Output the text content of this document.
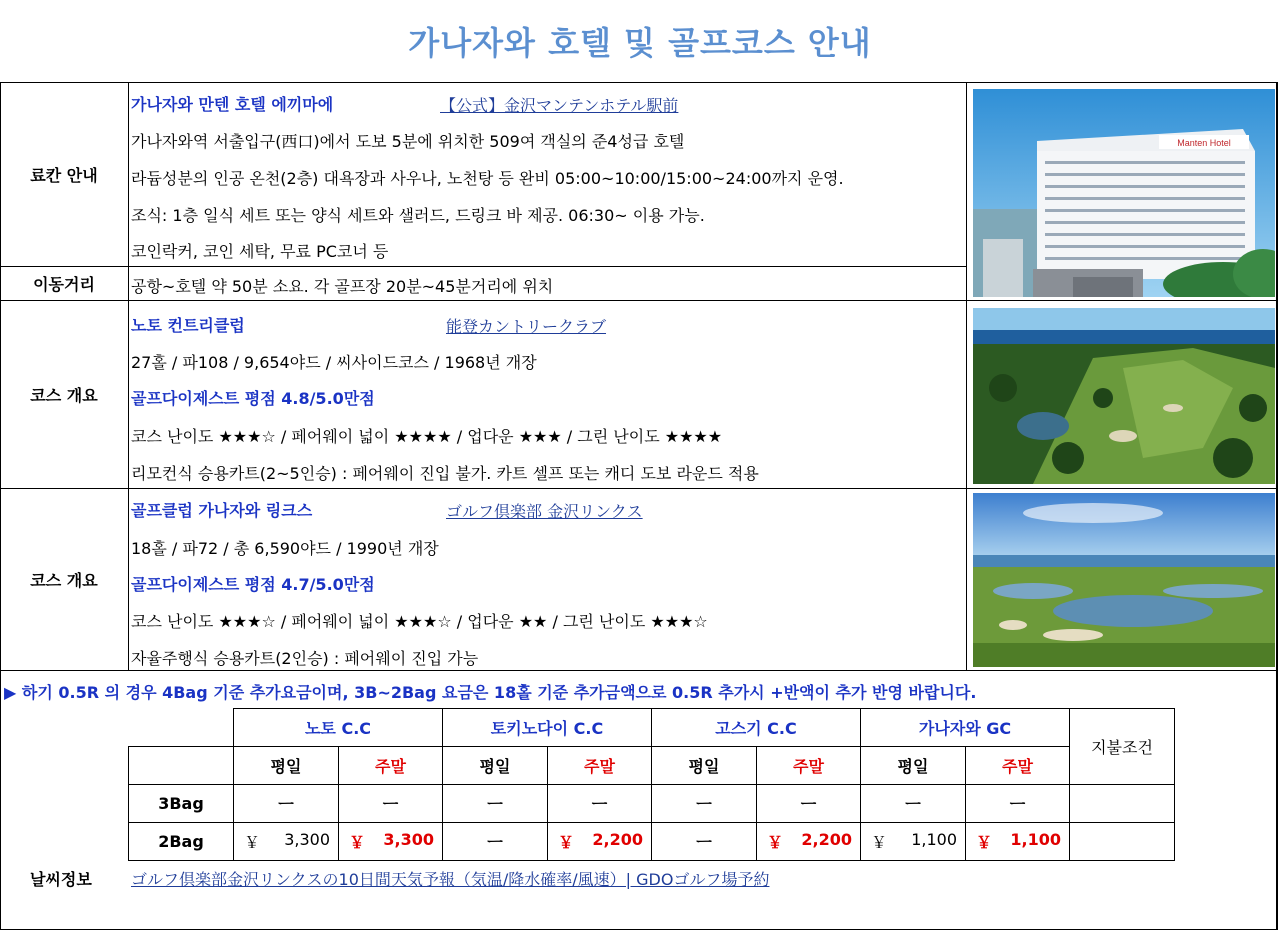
가나자와 호텔 및 골프코스 안내
료칸 안내
가나자와 만텐 호텔 에끼마에	【公式】金沢マンテンホテル駅前
가나자와역 서출입구(西口)에서 도보 5분에 위치한 509여 객실의 준4성급 호텔
라듐성분의 인공 온천(2층) 대욕장과 사우나, 노천탕 등 완비 05:00~10:00/15:00~24:00까지 운영.
조식: 1층 일식 세트 또는 양식 세트와 샐러드, 드링크 바 제공. 06:30~ 이용 가능.
코인락커, 코인 세탁, 무료 PC코너 등
이동거리	공항~호텔 약 50분 소요. 각 골프장 20분~45분거리에 위치
Manten Hotel
코스 개요
노토 컨트리클럽	能登カントリークラブ
27홀 / 파108 / 9,654야드 / 씨사이드코스 / 1968년 개장
골프다이제스트 평점 4.8/5.0만점
코스 난이도 ★★★☆ / 페어웨이 넓이 ★★★★ / 업다운 ★★★ / 그린 난이도 ★★★★
리모컨식 승용카트(2~5인승) : 페어웨이 진입 불가. 카트 셀프 또는 캐디 도보 라운드 적용
코스 개요
골프클럽 가나자와 링크스	ゴルフ倶楽部 金沢リンクス
18홀 / 파72 / 총 6,590야드 / 1990년 개장
골프다이제스트 평점 4.7/5.0만점
코스 난이도 ★★★☆ / 페어웨이 넓이 ★★★☆ / 업다운 ★★ / 그린 난이도 ★★★☆
자율주행식 승용카트(2인승) : 페어웨이 진입 가능
▶ 하기 0.5R 의 경우 4Bag 기준 추가요금이며, 3B~2Bag 요금은 18홀 기준 추가금액으로 0.5R 추가시 +반액이 추가 반영 바랍니다.
	노토 C.C		토키노다이 C.C		고스기 C.C		가나자와 GC		지불조건
	평일	주말	평일	주말	평일	주말	평일	주말	
3Bag	ㅡ	ㅡ	ㅡ	ㅡ	ㅡ	ㅡ	ㅡ	ㅡ	
2Bag	￥ 3,300	￥ 3,300	ㅡ	￥ 2,200	ㅡ	￥ 2,200	￥ 1,100	￥ 1,100	

날씨정보 ゴルフ倶楽部金沢リンクスの10日間天気予報（気温/降水確率/風速）| GDOゴルフ場予約
